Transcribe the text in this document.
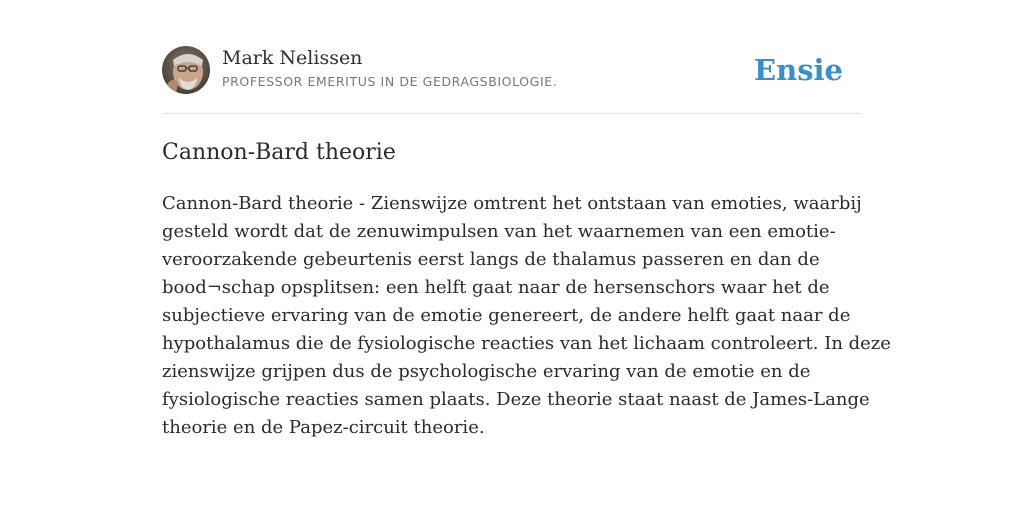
Mark Nelissen
PROFESSOR EMERITUS IN DE GEDRAGSBIOLOGIE.	Ensie
Cannon-Bard theorie

Cannon-Bard theorie - Zienswijze omtrent het ontstaan van emoties, waarbij
gesteld wordt dat de zenuwimpulsen van het waarnemen van een emotie-
veroorzakende gebeurtenis eerst langs de thalamus passeren en dan de
bood¬schap opsplitsen: een helft gaat naar de hersenschors waar het de
subjectieve ervaring van de emotie genereert, de andere helft gaat naar de
hypothalamus die de fysiologische reacties van het lichaam controleert. In deze
zienswijze grijpen dus de psychologische ervaring van de emotie en de
fysiologische reacties samen plaats. Deze theorie staat naast de James-Lange
theorie en de Papez-circuit theorie.
